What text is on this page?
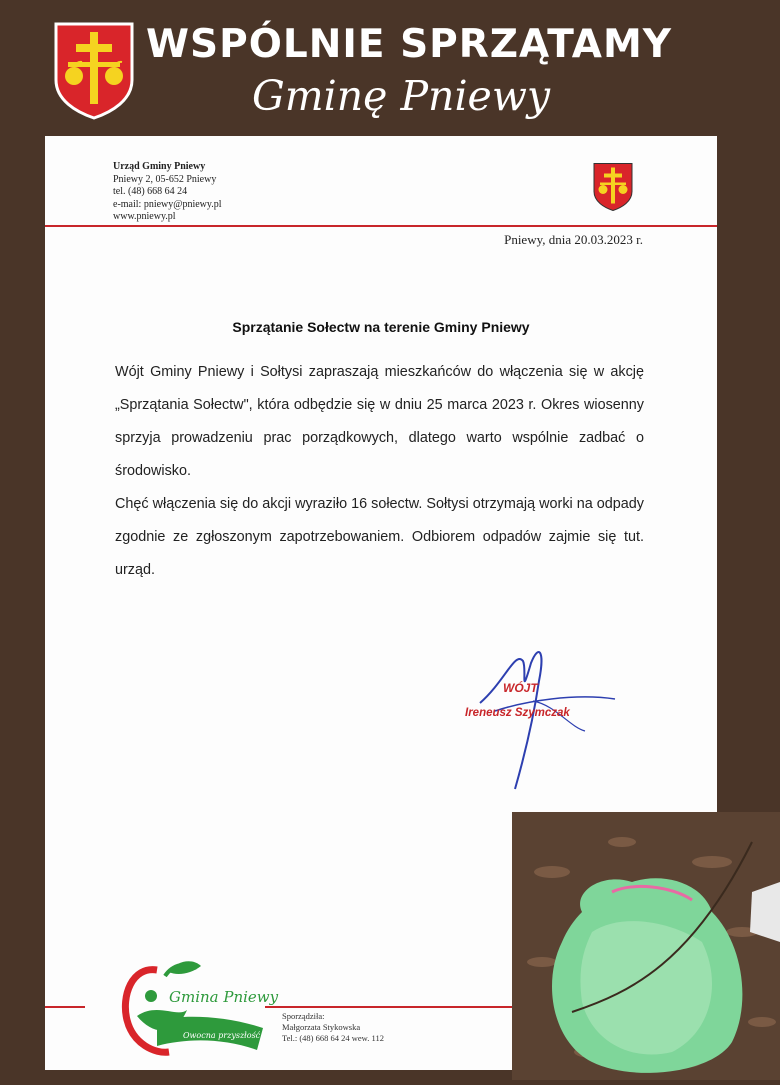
WSPÓLNIE SPRZĄTAMY
Gminę Pniewy
Urząd Gminy Pniewy
Pniewy 2, 05-652 Pniewy
tel. (48) 668 64 24
e-mail: pniewy@pniewy.pl
www.pniewy.pl
Pniewy, dnia 20.03.2023 r.
Sprzątanie Sołectw na terenie Gminy Pniewy

Wójt Gminy Pniewy i Sołtysi zapraszają mieszkańców do włączenia się w akcję „Sprzątania Sołectw", która odbędzie się w dniu 25 marca 2023 r. Okres wiosenny sprzyja prowadzeniu prac porządkowych, dlatego warto wspólnie zadbać o środowisko.

Chęć włączenia się do akcji wyraziło 16 sołectw. Sołtysi otrzymają worki na odpady zgodnie ze zgłoszonym zapotrzebowaniem. Odbiorem odpadów zajmie się tut. urząd.

WÓJT
Ireneusz Szymczak
Gmina Pniewy
Owocna przyszłość
Sporządziła:
Małgorzata Stykowska
Tel.: (48) 668 64 24 wew. 112
